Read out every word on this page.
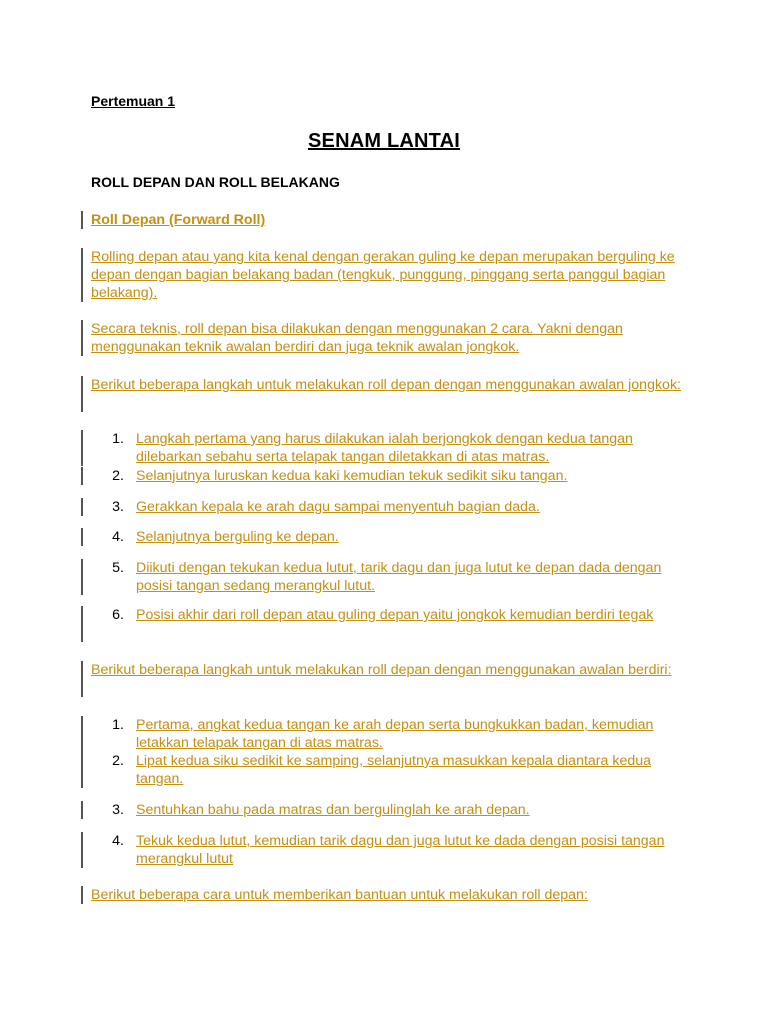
Pertemuan 1
SENAM LANTAI
ROLL DEPAN DAN ROLL BELAKANG
Roll Depan (Forward Roll)
Rolling depan atau yang kita kenal dengan gerakan guling ke depan merupakan berguling ke depan dengan bagian belakang badan (tengkuk, punggung, pinggang serta panggul bagian belakang).
Secara teknis, roll depan bisa dilakukan dengan menggunakan 2 cara. Yakni dengan menggunakan teknik awalan berdiri dan juga teknik awalan jongkok.
Berikut beberapa langkah untuk melakukan roll depan dengan menggunakan awalan jongkok:
1. Langkah pertama yang harus dilakukan ialah berjongkok dengan kedua tangan dilebarkan sebahu serta telapak tangan diletakkan di atas matras.
2. Selanjutnya luruskan kedua kaki kemudian tekuk sedikit siku tangan.
3. Gerakkan kepala ke arah dagu sampai menyentuh bagian dada.
4. Selanjutnya berguling ke depan.
5. Diikuti dengan tekukan kedua lutut, tarik dagu dan juga lutut ke depan dada dengan posisi tangan sedang merangkul lutut.
6. Posisi akhir dari roll depan atau guling depan yaitu jongkok kemudian berdiri tegak
Berikut beberapa langkah untuk melakukan roll depan dengan menggunakan awalan berdiri:
1. Pertama, angkat kedua tangan ke arah depan serta bungkukkan badan, kemudian letakkan telapak tangan di atas matras.
2. Lipat kedua siku sedikit ke samping, selanjutnya masukkan kepala diantara kedua tangan.
3. Sentuhkan bahu pada matras dan bergulinglah ke arah depan.
4. Tekuk kedua lutut, kemudian tarik dagu dan juga lutut ke dada dengan posisi tangan merangkul lutut
Berikut beberapa cara untuk memberikan bantuan untuk melakukan roll depan:
